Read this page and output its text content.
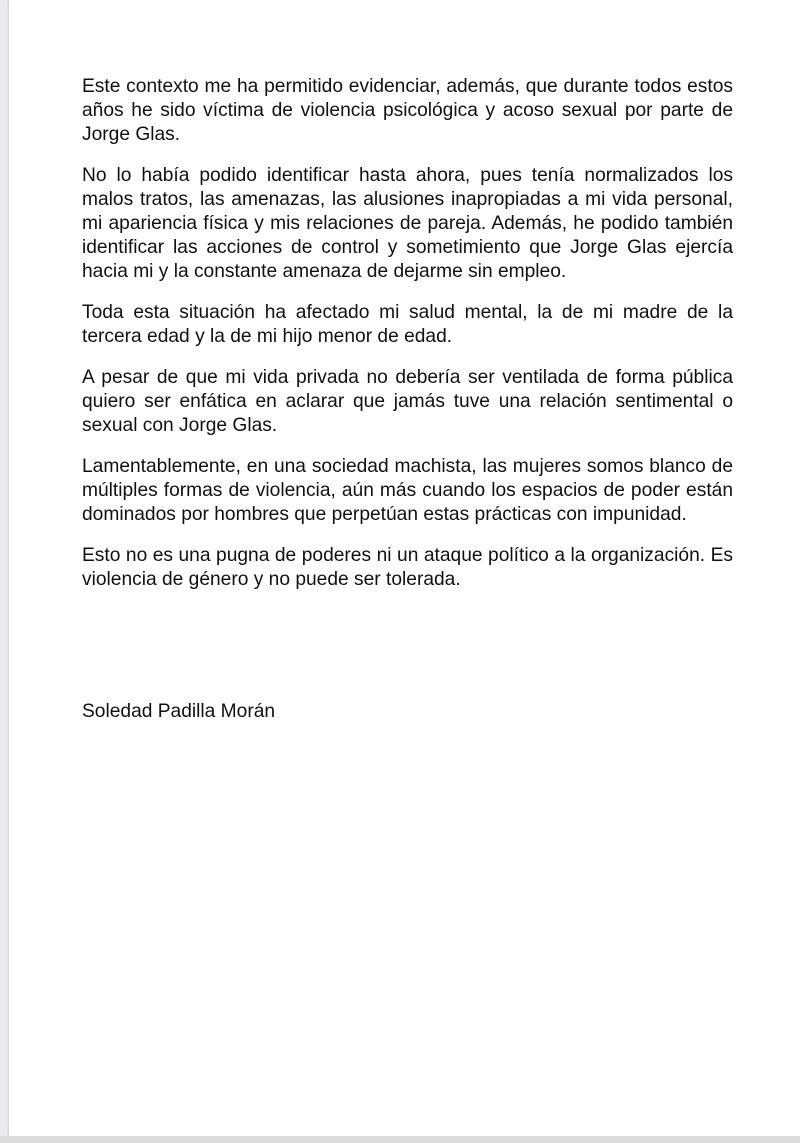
Este contexto me ha permitido evidenciar, además, que durante todos estos años he sido víctima de violencia psicológica y acoso sexual por parte de Jorge Glas.

No lo había podido identificar hasta ahora, pues tenía normalizados los malos tratos, las amenazas, las alusiones inapropiadas a mi vida personal, mi apariencia física y mis relaciones de pareja. Además, he podido también identificar las acciones de control y sometimiento que Jorge Glas ejercía hacia mi y la constante amenaza de dejarme sin empleo.

Toda esta situación ha afectado mi salud mental, la de mi madre de la tercera edad y la de mi hijo menor de edad.

A pesar de que mi vida privada no debería ser ventilada de forma pública quiero ser enfática en aclarar que jamás tuve una relación sentimental o sexual con Jorge Glas.

Lamentablemente, en una sociedad machista, las mujeres somos blanco de múltiples formas de violencia, aún más cuando los espacios de poder están dominados por hombres que perpetúan estas prácticas con impunidad.

Esto no es una pugna de poderes ni un ataque político a la organización. Es violencia de género y no puede ser tolerada.

Soledad Padilla Morán
